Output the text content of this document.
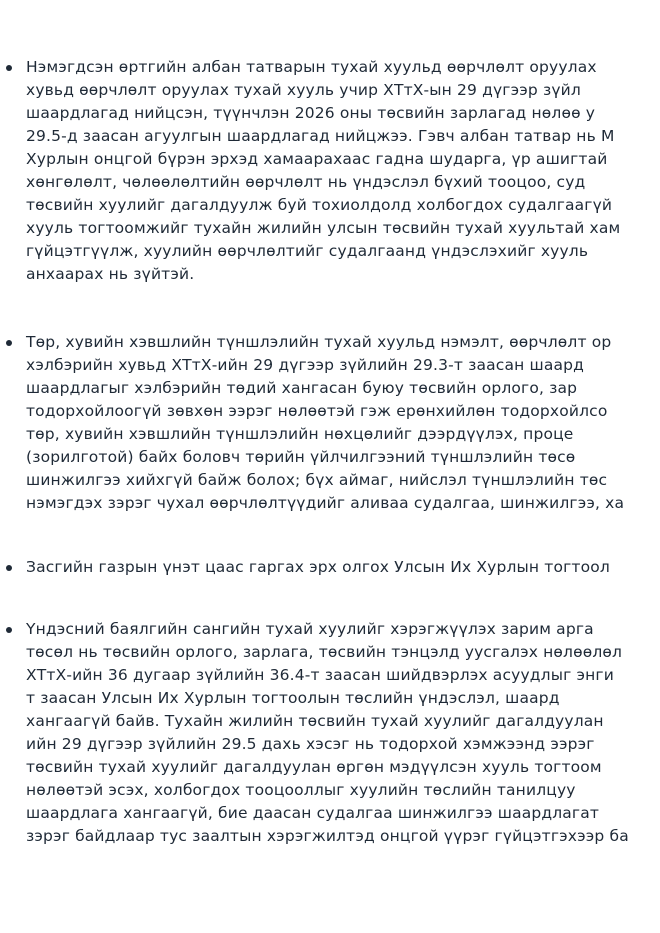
Нэмэгдсэн өртгийн албан татварын тухай хуульд өөрчлөлт оруулах
хувьд өөрчлөлт оруулах тухай хууль учир ХТтХ-ын 29 дүгээр зүйл
шаардлагад нийцсэн, түүнчлэн 2026 оны төсвийн зарлагад нөлөө у
29.5-д заасан агуулгын шаардлагад нийцжээ. Гэвч албан татвар нь М
Хурлын онцгой бүрэн эрхэд хамаарахаас гадна шударга, үр ашигтай
хөнгөлөлт, чөлөөлөлтийн өөрчлөлт нь үндэслэл бүхий тооцоо, суд
төсвийн хуулийг дагалдуулж буй тохиолдолд холбогдох судалгаагүй
хууль тогтоомжийг тухайн жилийн улсын төсвийн тухай хуультай хам
гүйцэтгүүлж, хуулийн өөрчлөлтийг судалгаанд үндэслэхийг хууль
анхаарах нь зүйтэй.
Төр, хувийн хэвшлийн түншлэлийн тухай хуульд нэмэлт, өөрчлөлт ор
хэлбэрийн хувьд ХТтХ-ийн 29 дүгээр зүйлийн 29.3-т заасан шаард
шаардлагыг хэлбэрийн төдий хангасан буюу төсвийн орлого, зар
тодорхойлоогүй зөвхөн ээрэг нөлөөтэй гэж ерөнхийлөн тодорхойлсо
төр, хувийн хэвшлийн түншлэлийн нөхцөлийг дээрдүүлэх, проце
(зорилготой) байх боловч төрийн үйлчилгээний түншлэлийн төсө
шинжилгээ хийхгүй байж болох; бүх аймаг, нийслэл түншлэлийн төс
нэмэгдэх зэрэг чухал өөрчлөлтүүдийг аливаа судалгаа, шинжилгээ, ха
Засгийн газрын үнэт цаас гаргах эрх олгох Улсын Их Хурлын тогтоол
Үндэсний баялгийн сангийн тухай хуулийг хэрэгжүүлэх зарим арга
төсөл нь төсвийн орлого, зарлага, төсвийн тэнцэлд уусгалэх нөлөөлөл
ХТтХ-ийн 36 дугаар зүйлийн 36.4-т заасан шийдвэрлэх асуудлыг энги
т заасан Улсын Их Хурлын тогтоолын төслийн үндэслэл, шаард
хангаагүй байв. Тухайн жилийн төсвийн тухай хуулийг дагалдуулан
ийн 29 дүгээр зүйлийн 29.5 дахь хэсэг нь тодорхой хэмжээнд ээрэг
төсвийн тухай хуулийг дагалдуулан өргөн мэдүүлсэн хууль тогтоом
нөлөөтэй эсэх, холбогдох тооцооллыг хуулийн төслийн танилцуу
шаардлага хангаагүй, бие даасан судалгаа шинжилгээ шаардлагат
зэрэг байдлаар тус заалтын хэрэгжилтэд онцгой үүрэг гүйцэтгэхээр ба
